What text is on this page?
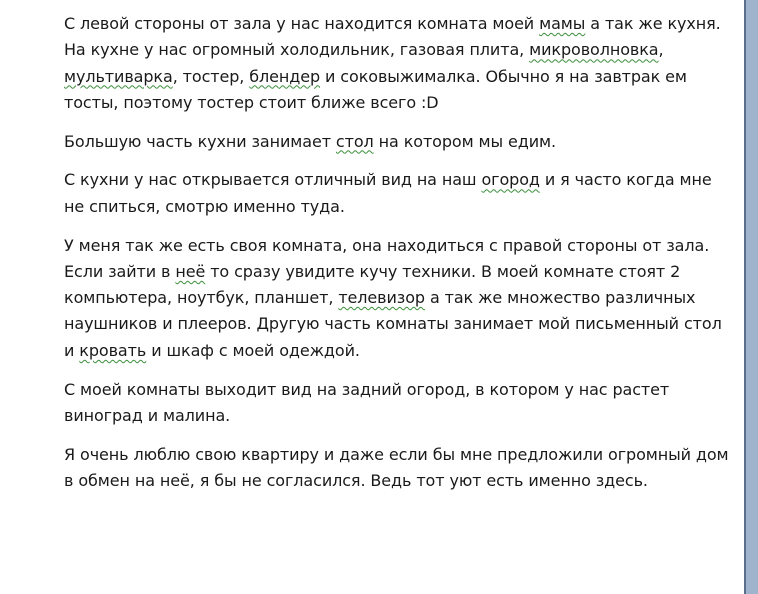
С левой стороны от зала у нас находится комната моей мамы а так же кухня. На кухне у нас огромный холодильник, газовая плита, микроволновка, мультиварка, тостер, блендер и соковыжималка. Обычно я на завтрак ем тосты, поэтому тостер стоит ближе всего :D

Большую часть кухни занимает стол на котором мы едим.

С кухни у нас открывается отличный вид на наш огород и я часто когда мне не спиться, смотрю именно туда.

У меня так же есть своя комната, она находиться с правой стороны от зала. Если зайти в неё то сразу увидите кучу техники. В моей комнате стоят 2 компьютера, ноутбук, планшет, телевизор а так же множество различных наушников и плееров. Другую часть комнаты занимает мой письменный стол и кровать и шкаф с моей одеждой.

С моей комнаты выходит вид на задний огород, в котором у нас растет виноград и малина.

Я очень люблю свою квартиру и даже если бы мне предложили огромный дом в обмен на неё, я бы не согласился. Ведь тот уют есть именно здесь.
